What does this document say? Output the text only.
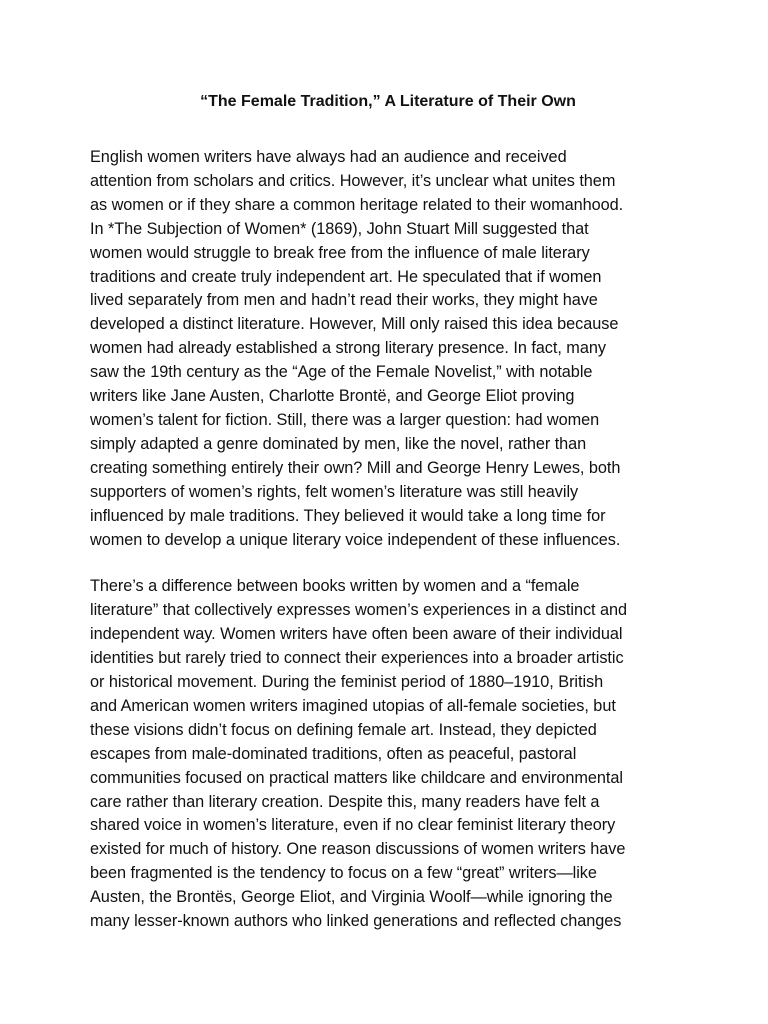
“The Female Tradition,” A Literature of Their Own

English women writers have always had an audience and received
attention from scholars and critics. However, it’s unclear what unites them
as women or if they share a common heritage related to their womanhood.
In *The Subjection of Women* (1869), John Stuart Mill suggested that
women would struggle to break free from the influence of male literary
traditions and create truly independent art. He speculated that if women
lived separately from men and hadn’t read their works, they might have
developed a distinct literature. However, Mill only raised this idea because
women had already established a strong literary presence. In fact, many
saw the 19th century as the “Age of the Female Novelist,” with notable
writers like Jane Austen, Charlotte Brontë, and George Eliot proving
women’s talent for fiction. Still, there was a larger question: had women
simply adapted a genre dominated by men, like the novel, rather than
creating something entirely their own? Mill and George Henry Lewes, both
supporters of women’s rights, felt women’s literature was still heavily
influenced by male traditions. They believed it would take a long time for
women to develop a unique literary voice independent of these influences.

There’s a difference between books written by women and a “female
literature” that collectively expresses women’s experiences in a distinct and
independent way. Women writers have often been aware of their individual
identities but rarely tried to connect their experiences into a broader artistic
or historical movement. During the feminist period of 1880–1910, British
and American women writers imagined utopias of all-female societies, but
these visions didn’t focus on defining female art. Instead, they depicted
escapes from male-dominated traditions, often as peaceful, pastoral
communities focused on practical matters like childcare and environmental
care rather than literary creation. Despite this, many readers have felt a
shared voice in women’s literature, even if no clear feminist literary theory
existed for much of history. One reason discussions of women writers have
been fragmented is the tendency to focus on a few “great” writers—like
Austen, the Brontës, George Eliot, and Virginia Woolf—while ignoring the
many lesser-known authors who linked generations and reflected changes
